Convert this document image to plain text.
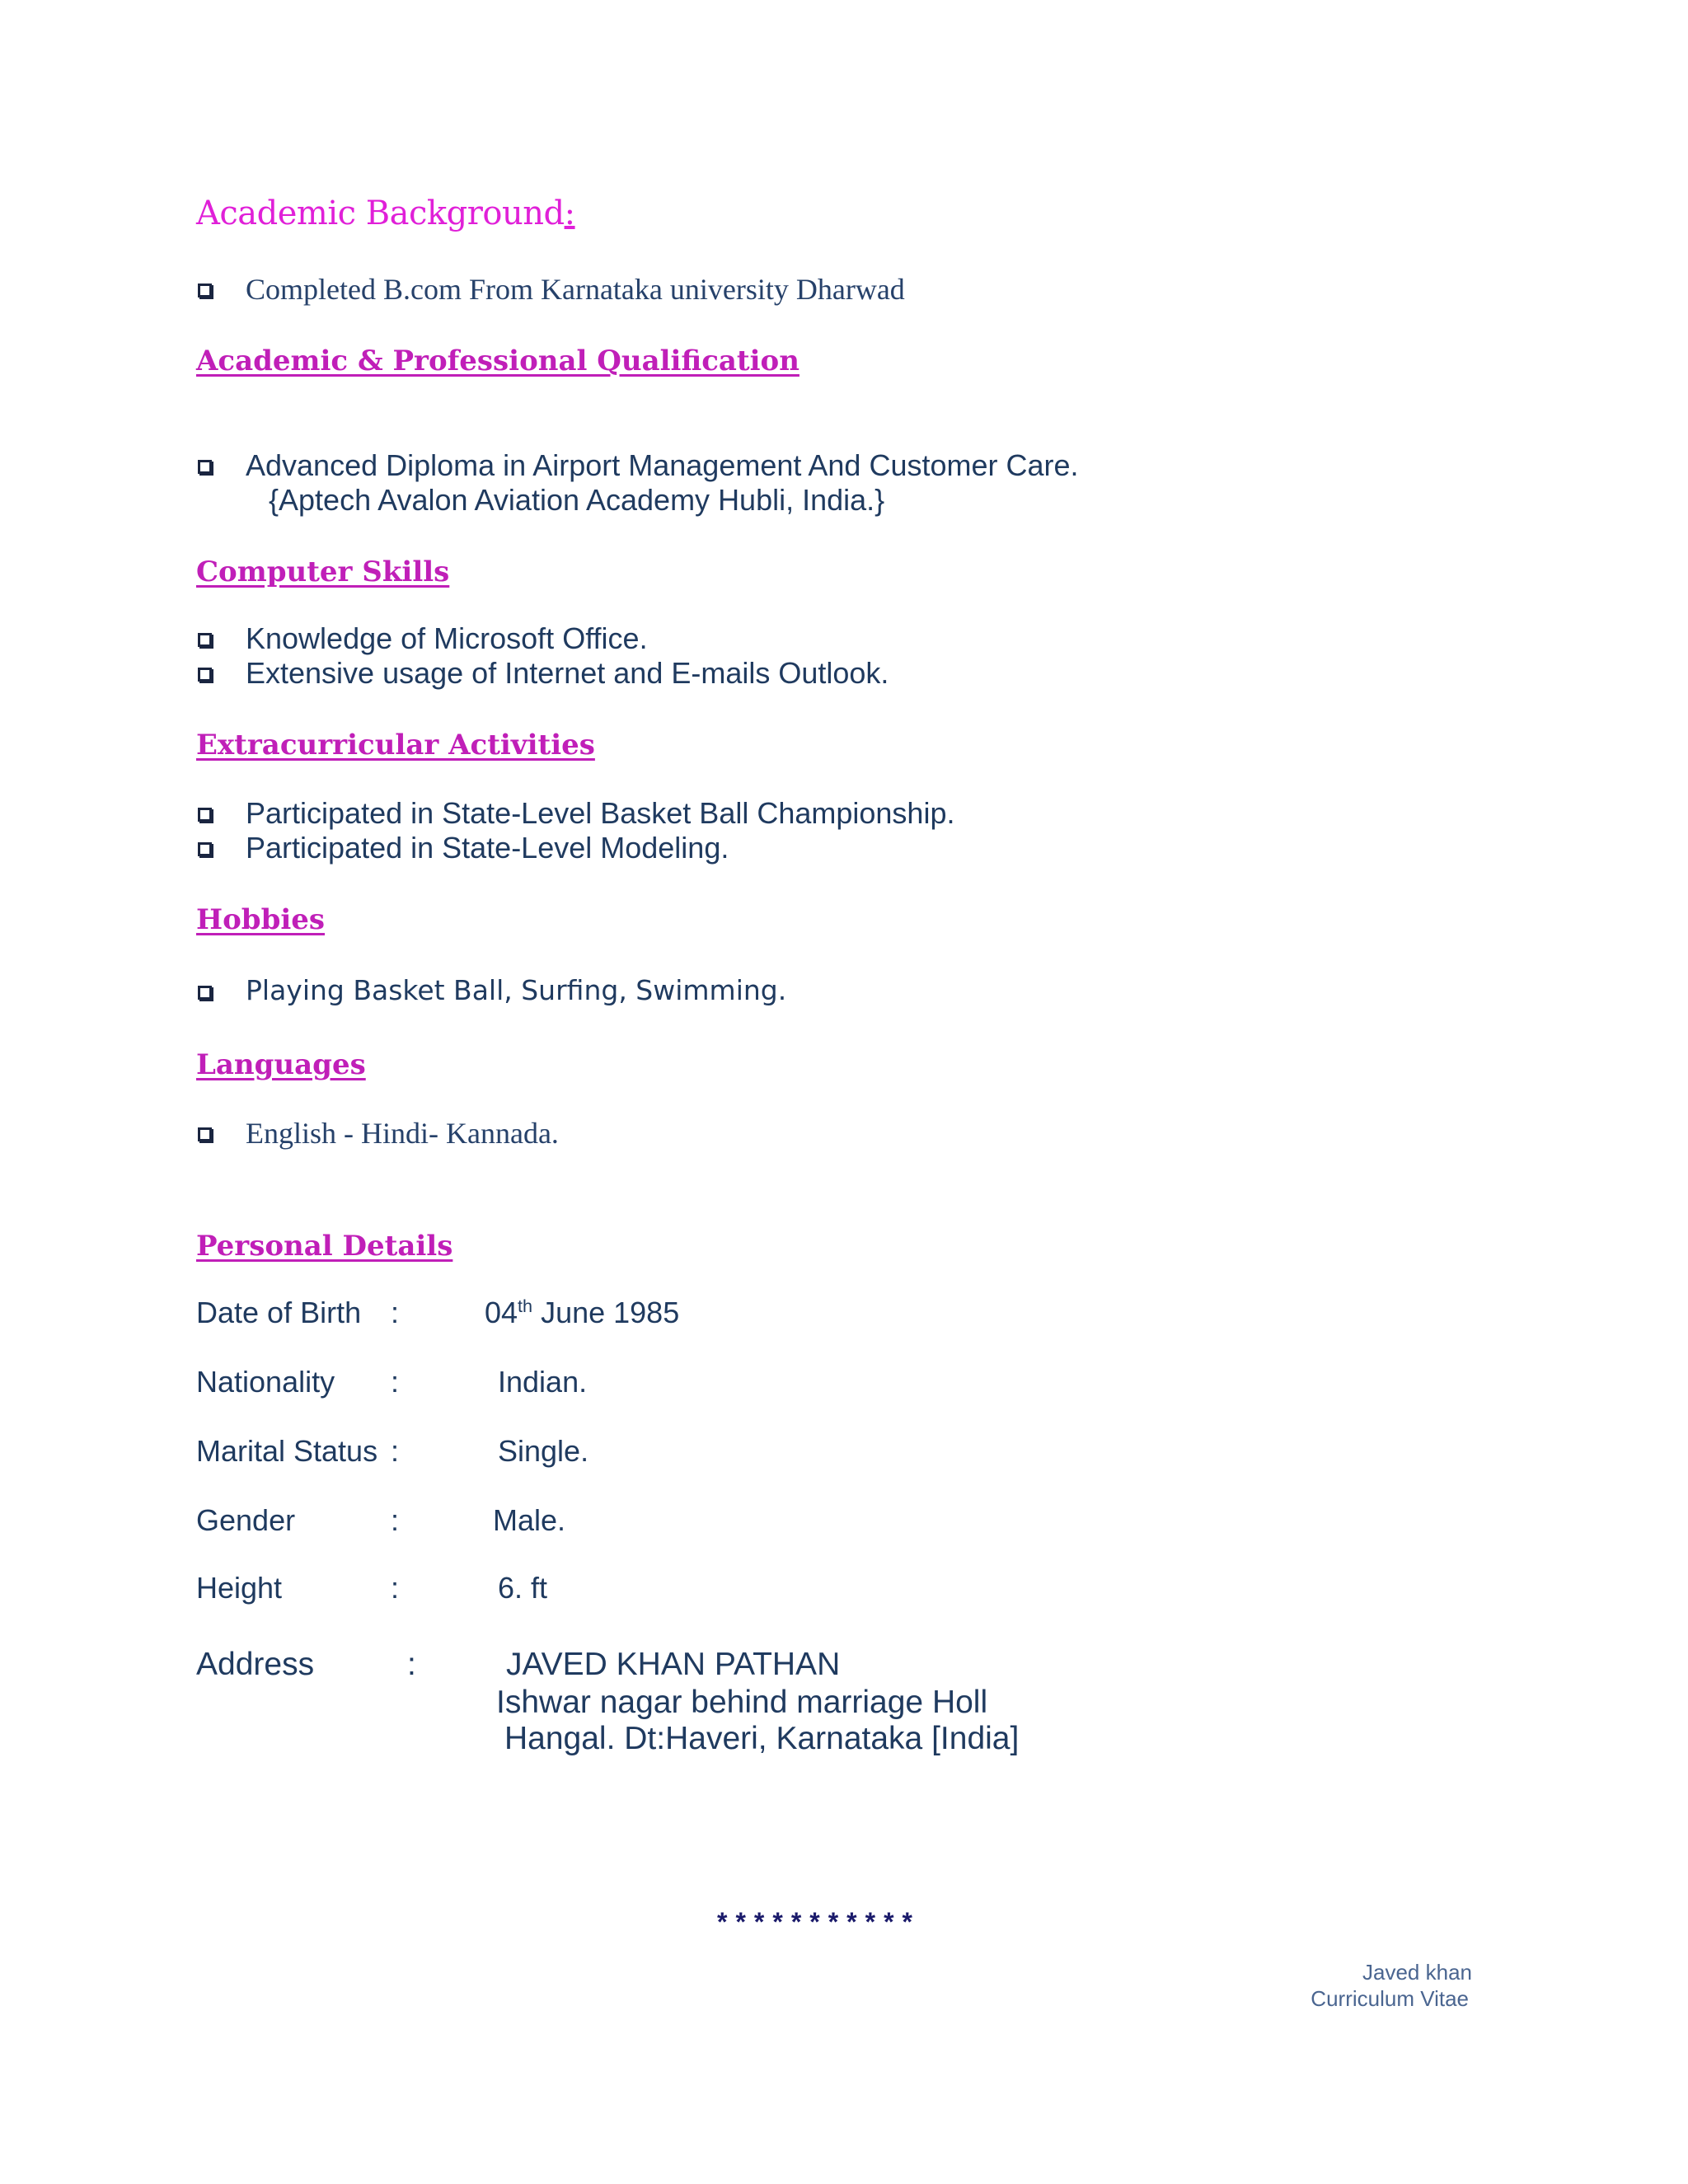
Academic Background:
Completed B.com From Karnataka university Dharwad
Academic & Professional Qualification
Advanced Diploma in Airport Management And Customer Care.
{Aptech Avalon Aviation Academy Hubli, India.}
Computer Skills
Knowledge of Microsoft Office.
Extensive usage of Internet and E-mails Outlook.
Extracurricular Activities
Participated in State-Level Basket Ball Championship.
Participated in State-Level Modeling.
Hobbies
Playing Basket Ball, Surfing, Swimming.
Languages
English - Hindi- Kannada.
Personal Details
Date of Birth :	04th June 1985
Nationality :	Indian.
Marital Status :	Single.
Gender	:	Male.
Height	:	6. ft
Address	:	JAVED KHAN PATHAN
Ishwar nagar behind marriage Holl
Hangal. Dt:Haveri, Karnataka [India]
***********
Javed khan
Curriculum Vitae
